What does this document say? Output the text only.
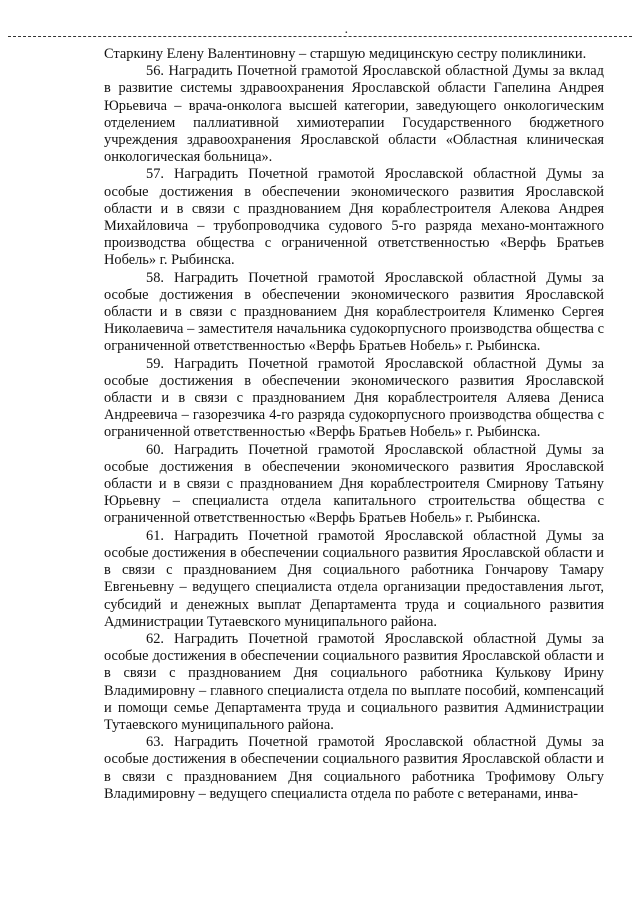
·

Старкину Елену Валентиновну – старшую медицинскую сестру поликлиники.

56. Наградить Почетной грамотой Ярославской областной Думы за вклад в развитие системы здравоохранения Ярославской области Гапелина Андрея Юрьевича – врача-онколога высшей категории, заведующего онкологическим отделением паллиативной химиотерапии Государственного бюджетного учреждения здравоохранения Ярославской области «Областная клиническая онкологическая больница».

57. Наградить Почетной грамотой Ярославской областной Думы за особые достижения в обеспечении экономического развития Ярославской области и в связи с празднованием Дня кораблестроителя Алекова Андрея Михайловича – трубопроводчика судового 5-го разряда механо-монтажного производства общества с ограниченной ответственностью «Верфь Братьев Нобель» г. Рыбинска.

58. Наградить Почетной грамотой Ярославской областной Думы за особые достижения в обеспечении экономического развития Ярославской области и в связи с празднованием Дня кораблестроителя Клименко Сергея Николаевича – заместителя начальника судокорпусного производства общества с ограниченной ответственностью «Верфь Братьев Нобель» г. Рыбинска.

59. Наградить Почетной грамотой Ярославской областной Думы за особые достижения в обеспечении экономического развития Ярославской области и в связи с празднованием Дня кораблестроителя Аляева Дениса Андреевича – газорезчика 4-го разряда судокорпусного производства общества с ограниченной ответственностью «Верфь Братьев Нобель» г. Рыбинска.

60. Наградить Почетной грамотой Ярославской областной Думы за особые достижения в обеспечении экономического развития Ярославской области и в связи с празднованием Дня кораблестроителя Смирнову Татьяну Юрьевну – специалиста отдела капитального строительства общества с ограниченной ответственностью «Верфь Братьев Нобель» г. Рыбинска.

61. Наградить Почетной грамотой Ярославской областной Думы за особые достижения в обеспечении социального развития Ярославской области и в связи с празднованием Дня социального работника Гончарову Тамару Евгеньевну – ведущего специалиста отдела организации предоставления льгот, субсидий и денежных выплат Департамента труда и социального развития Администрации Тутаевского муниципального района.

62. Наградить Почетной грамотой Ярославской областной Думы за особые достижения в обеспечении социального развития Ярославской области и в связи с празднованием Дня социального работника Кулькову Ирину Владимировну – главного специалиста отдела по выплате пособий, компенсаций и помощи семье Департамента труда и социального развития Администрации Тутаевского муниципального района.

63. Наградить Почетной грамотой Ярославской областной Думы за особые достижения в обеспечении социального развития Ярославской области и в связи с празднованием Дня социального работника Трофимову Ольгу Владимировну – ведущего специалиста отдела по работе с ветеранами, инва-
